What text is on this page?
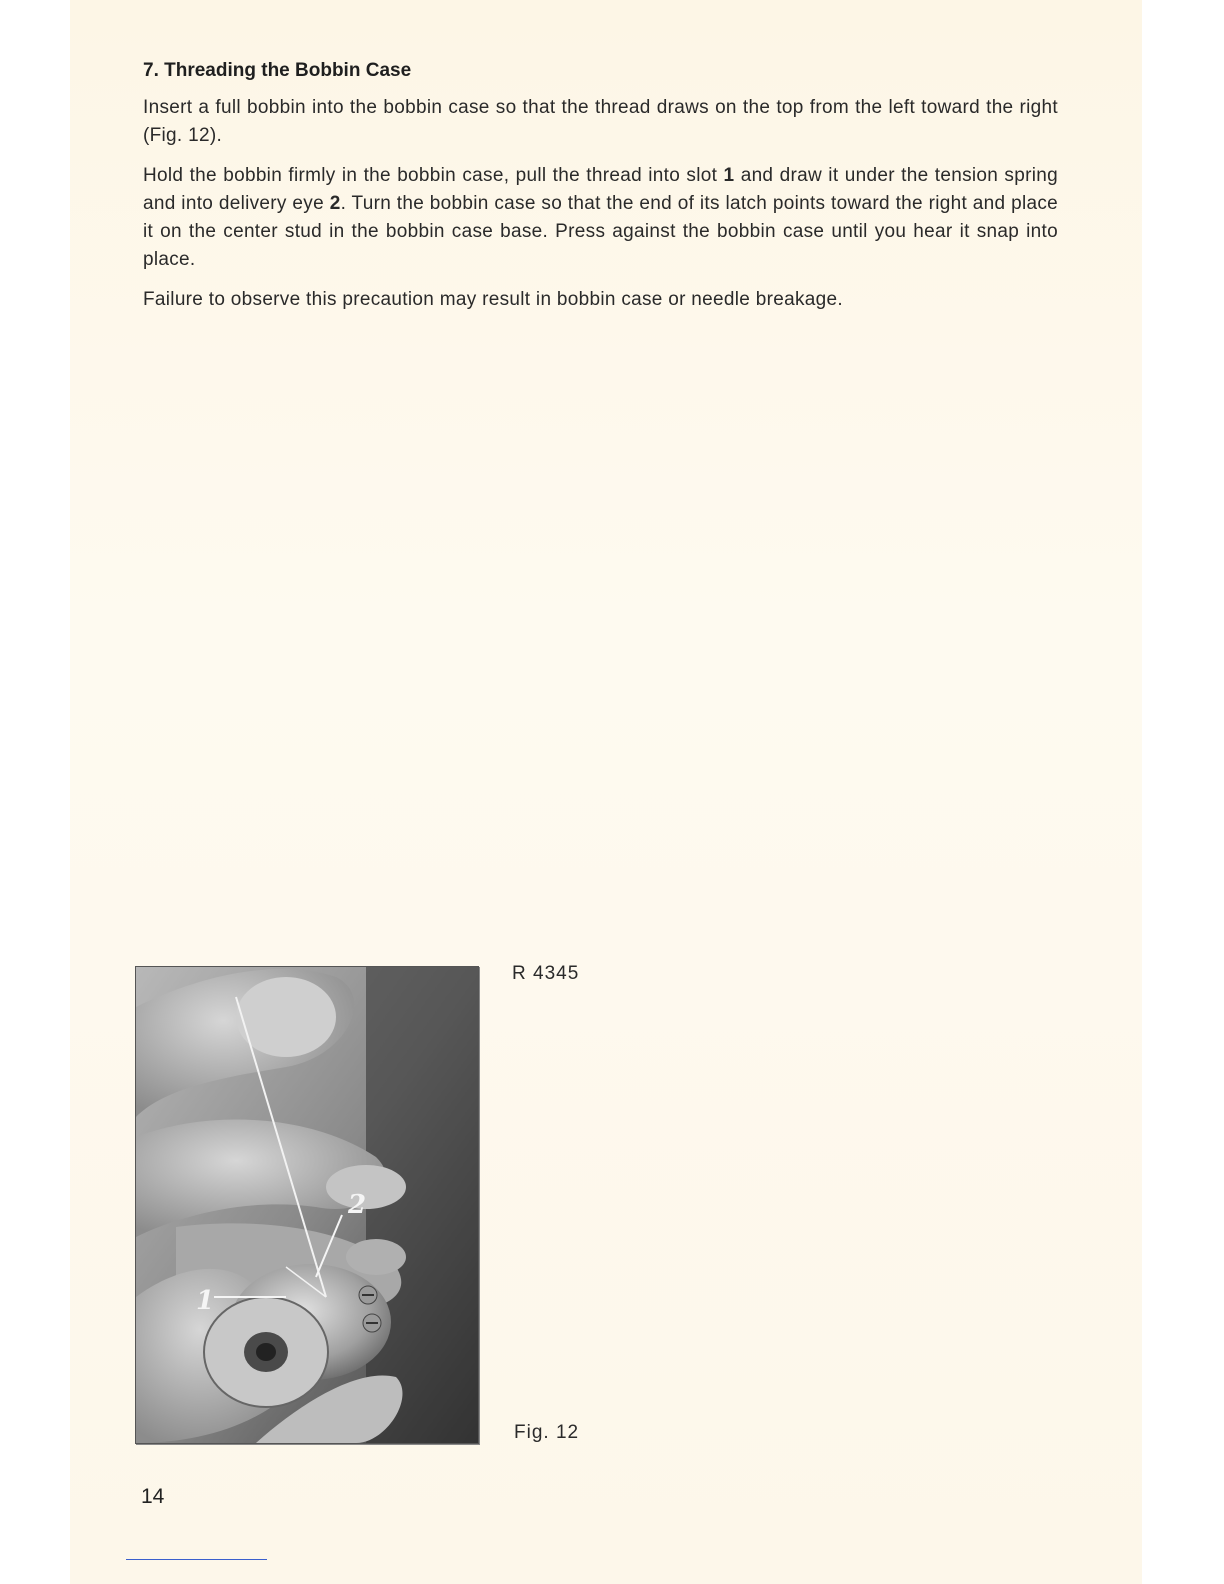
7. Threading the Bobbin Case

Insert a full bobbin into the bobbin case so that the thread draws on the top from the left toward the right (Fig. 12).

Hold the bobbin firmly in the bobbin case, pull the thread into slot 1 and draw it under the tension spring and into delivery eye 2. Turn the bobbin case so that the end of its latch points toward the right and place it on the center stud in the bobbin case base. Press against the bobbin case until you hear it snap into place.

Failure to observe this precaution may result in bobbin case or needle breakage.

1
2
R 4345
Fig. 12
14
